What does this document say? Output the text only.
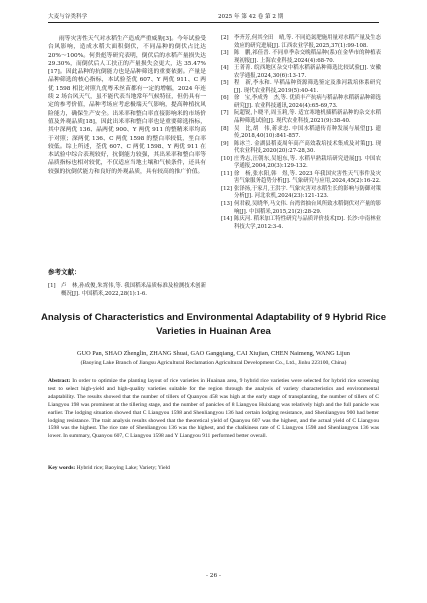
大麦与谷类科学	2025 年 第 42 卷 第 2 期

雨等灾害性天气对水稻生产造成严重威胁[3]。今年试验受台风影响，造成水稻大面积倒伏，不同品种的倒伏占比达 20%～100%。何贵彪等研究表明，倒伏后的水稻产量损失达 29.30%，而倒伏后人工扶正的产量损失会更大，达 35.47%[17]。因此品种的抗倒能力也是品种筛选的重要依据。产量是品种筛选的核心指标，本试验荃优 607、Y 两优 911、C 两优 1598 相比对照九优粤禾丝苗都有一定的增幅，2024 年连续 2 场台风天气，虽不能代表当地常年气候特征，但仍具有一定的参考价值，品种考场应考虑极端天气影响，提高种植抗风险能力，确保生产安全。出米率和整白率直接影响米的市场价值及外观品质[18]，因此出米率和整白率也是重要筛选指标，其中深两优 136、晶两优 900、Y 两优 911 的整精米率均高于对照；深两优 136、C 两优 1598 的整白率较低，垩白率较低。综上所述，荃优 607、C 两优 1598、Y 两优 911 在本试验中综合表现较好，抗倒能力较强，其出米率和整白率等品质指标也相对较优，不仅适应当地土壤和气候条件，还具有较强的抗倒伏能力和良好的外观品质，具有较高的推广价值。

参考文献：
[1] 卢　林,孙成俊,朱霄伟,等. 我国稻米品质标准及检测技术创新概况[J]. 中国稻米,2022,28(1):1-6.
[2] 李齐芳,何其全田　晴,等. 不同追氮肥施用量对水稻产量及生态效应的研究进展[J]. 江西农业学报,2025,37(1):99-108.
[3] 陈　鹏,祁佳晋. 不同单季杂交晚稻品种(系)在金华市的种植表现初报[J]. 上海农业科技,2024(4):68-70.
[4] 王菁菁. 皖西地区杂交中稻水稻新品种筛选比较试验[J]. 安徽农学通报,2024,30(6):13-17.
[5] 程　新,李永和. 旱稻品种资源筛选鉴定及淮河栽培体系研究[J]. 现代农业科技,2019(5):40-41.
[6] 徐　宝,李成秀　杰,等. 优质丰产抗病与稻品种水稻新品种筛选研究[J]. 农业科技通讯,2024(4):65-69,73.
[7] 阮超锐,卜晓平,周玉莉,等. 适宜寒地机插稻新品种的杂交水稻品种筛选试验[J]. 现代农业科技,2021(9):38-40.
[8] 吴　比,胡　伟,蒋求忠. 中国水稻遗传育种发展与展望[J]. 遗传,2018,40(10):841-857.
[9] 陈冰兰. 金湖县稻麦周年高产高效栽培技术集成及对策[J]. 现代农业科技,2020(20):27-28,30.
[10] 庄秀志,汪朝东,吴旭东,等. 水稻早熟栽培研究进展[J]. 中国农学通报,2004,20(3):129-132.
[11] 徐　杨,张水阳,韩　煜,等. 2023 年我国灾害性天气事件及灾害气象服务趋势分析[J]. 气象研究与应用,2024,45(2):16-22.
[12] 张泽扬,于家月,王洪宇. 气象灾害对水稻生长的影响与防御对策分析[J]. 河北农机,2024(23):121-123.
[13] 何君毅,吴晓华,马文伟. 台湾省抽台风所致水稻倒伏对产量的影响[J]. 中国稻米,2015,21(2):28-29.
[14] 陈庆河. 稻米加工特性研究与品质评价技术[D]. 长沙:中南林业科技大学,2012:3-4.
Analysis of Characteristics and Environmental Adaptability of 9 Hybrid Rice Varieties in Huainan Area
GUO Pan, SHAO Zhenglin, ZHANG Shuai, GAO Gangqiang, CAI Xiujian, CHEN Naimeng, WANG Lijun
(Baoying Lake Branch of Jiangsu Agricultural Reclamation Agricultural Development Co., Ltd., Jinhu 223100, China)

Abstract: In order to optimize the planting layout of rice varieties in Huainan area, 9 hybrid rice varieties were selected for hybrid rice screening test to select high-yield and high-quality varieties suitable for the region through the analysis of variety characteristics and environmental adaptability. The results showed that the number of tillers of Quanyou 458 was high at the early stage of transplanting, the number of tillers of C Liangyou 198 was prominent at the tillering stage, and the number of panicles of 8 Liangyou Huixiang was relatively high and the full panicle was earlier. The lodging situation showed that C Liangyou 1598 and Shenliangyou 136 had certain lodging resistance, and Shenliangyou 900 had better lodging resistance. The trait analysis results showed that the theoretical yield of Quanyou 607 was the highest, and the actual yield of C Liangyou 1598 was the highest. The rice rate of Shenliangyou 136 was the highest, and the chalkiness rate of C Liangyou 1598 and Shenliangyou 136 was lower. In summary, Quanyou 607, C Liangyou 1598 and Y Liangyou 911 performed better overall.

Key words: Hybrid rice; Baoying Lake; Variety; Yield
- 26 -
